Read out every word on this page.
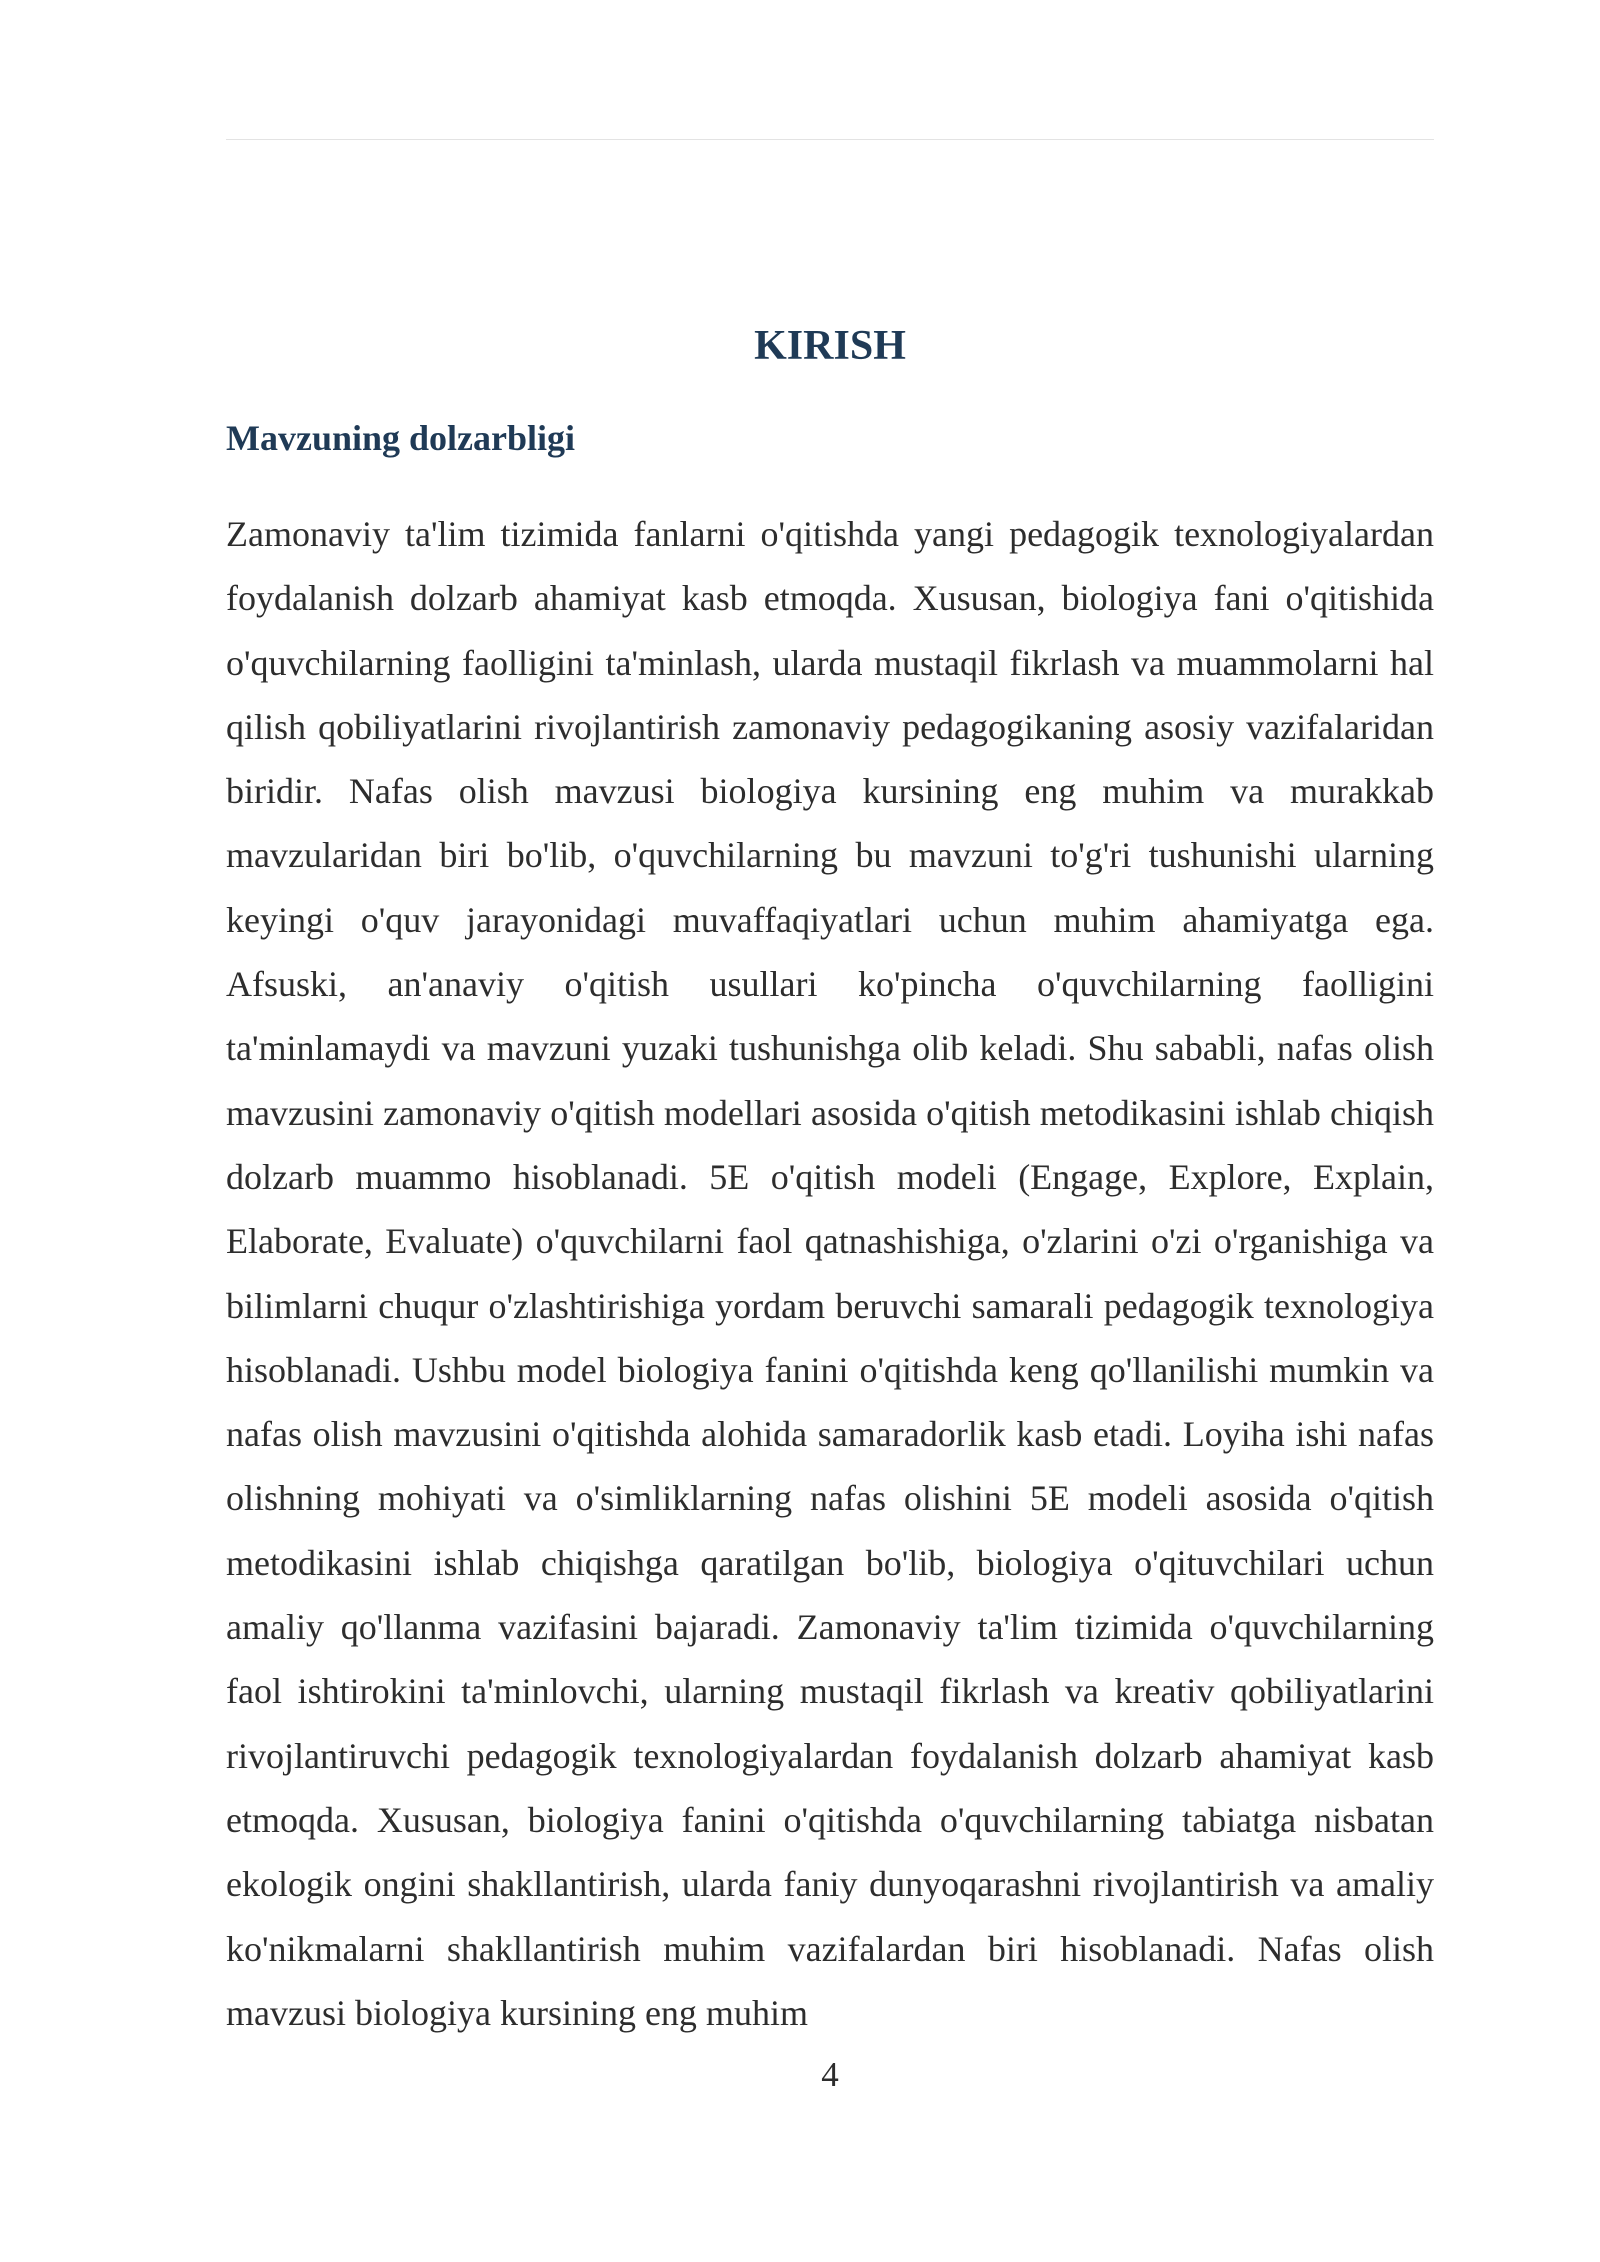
KIRISH
Mavzuning dolzarbligi

Zamonaviy ta'lim tizimida fanlarni o'qitishda yangi pedagogik texnologiyalardan foydalanish dolzarb ahamiyat kasb etmoqda. Xususan, biologiya fani o'qitishida o'quvchilarning faolligini ta'minlash, ularda mustaqil fikrlash va muammolarni hal qilish qobiliyatlarini rivojlantirish zamonaviy pedagogikaning asosiy vazifalaridan biridir. Nafas olish mavzusi biologiya kursining eng muhim va murakkab mavzularidan biri bo'lib, o'quvchilarning bu mavzuni to'g'ri tushunishi ularning keyingi o'quv jarayonidagi muvaffaqiyatlari uchun muhim ahamiyatga ega. Afsuski, an'anaviy o'qitish usullari ko'pincha o'quvchilarning faolligini ta'minlamaydi va mavzuni yuzaki tushunishga olib keladi. Shu sababli, nafas olish mavzusini zamonaviy o'qitish modellari asosida o'qitish metodikasini ishlab chiqish dolzarb muammo hisoblanadi. 5E o'qitish modeli (Engage, Explore, Explain, Elaborate, Evaluate) o'quvchilarni faol qatnashishiga, o'zlarini o'zi o'rganishiga va bilimlarni chuqur o'zlashtirishiga yordam beruvchi samarali pedagogik texnologiya hisoblanadi. Ushbu model biologiya fanini o'qitishda keng qo'llanilishi mumkin va nafas olish mavzusini o'qitishda alohida samaradorlik kasb etadi. Loyiha ishi nafas olishning mohiyati va o'simliklarning nafas olishini 5E modeli asosida o'qitish metodikasini ishlab chiqishga qaratilgan bo'lib, biologiya o'qituvchilari uchun amaliy qo'llanma vazifasini bajaradi. Zamonaviy ta'lim tizimida o'quvchilarning faol ishtirokini ta'minlovchi, ularning mustaqil fikrlash va kreativ qobiliyatlarini rivojlantiruvchi pedagogik texnologiyalardan foydalanish dolzarb ahamiyat kasb etmoqda. Xususan, biologiya fanini o'qitishda o'quvchilarning tabiatga nisbatan ekologik ongini shakllantirish, ularda faniy dunyoqarashni rivojlantirish va amaliy ko'nikmalarni shakllantirish muhim vazifalardan biri hisoblanadi. Nafas olish mavzusi biologiya kursining eng muhim

4
